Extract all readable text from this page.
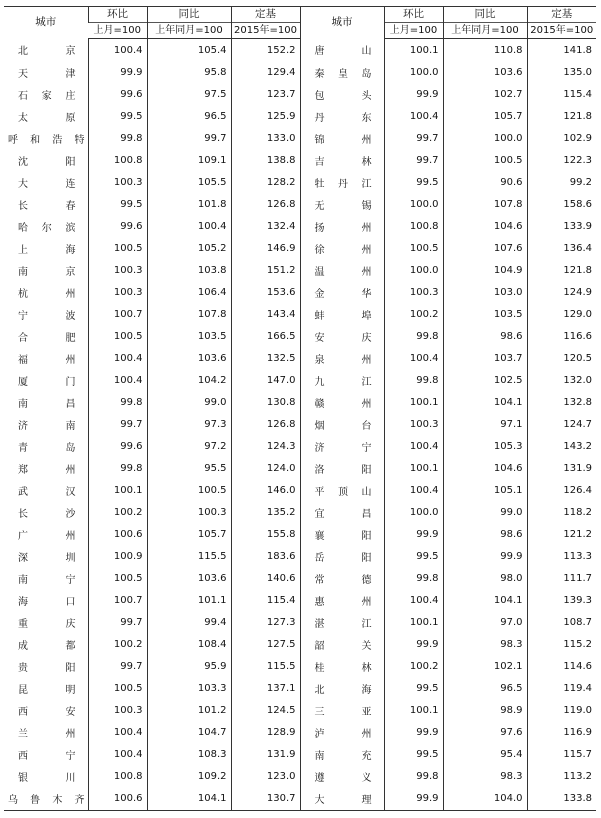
城市	环比	同比	定基	城市	环比	同比	定基
	上月=100	上年同月=100	2015年=100		上月=100	上年同月=100	2015年=100
北京	100.4	105.4	152.2	唐山	100.1	110.8	141.8
天津	99.9	95.8	129.4	秦皇岛	100.0	103.6	135.0
石家庄	99.6	97.5	123.7	包头	99.9	102.7	115.4
太原	99.5	96.5	125.9	丹东	100.4	105.7	121.8
呼和浩特	99.8	99.7	133.0	锦州	99.7	100.0	102.9
沈阳	100.8	109.1	138.8	吉林	99.7	100.5	122.3
大连	100.3	105.5	128.2	牡丹江	99.5	90.6	99.2
长春	99.5	101.8	126.8	无锡	100.0	107.8	158.6
哈尔滨	99.6	100.4	132.4	扬州	100.8	104.6	133.9
上海	100.5	105.2	146.9	徐州	100.5	107.6	136.4
南京	100.3	103.8	151.2	温州	100.0	104.9	121.8
杭州	100.3	106.4	153.6	金华	100.3	103.0	124.9
宁波	100.7	107.8	143.4	蚌埠	100.2	103.5	129.0
合肥	100.5	103.5	166.5	安庆	99.8	98.6	116.6
福州	100.4	103.6	132.5	泉州	100.4	103.7	120.5
厦门	100.4	104.2	147.0	九江	99.8	102.5	132.0
南昌	99.8	99.0	130.8	赣州	100.1	104.1	132.8
济南	99.7	97.3	126.8	烟台	100.3	97.1	124.7
青岛	99.6	97.2	124.3	济宁	100.4	105.3	143.2
郑州	99.8	95.5	124.0	洛阳	100.1	104.6	131.9
武汉	100.1	100.5	146.0	平顶山	100.4	105.1	126.4
长沙	100.2	100.3	135.2	宜昌	100.0	99.0	118.2
广州	100.6	105.7	155.8	襄阳	99.9	98.6	121.2
深圳	100.9	115.5	183.6	岳阳	99.5	99.9	113.3
南宁	100.5	103.6	140.6	常德	99.8	98.0	111.7
海口	100.7	101.1	115.4	惠州	100.4	104.1	139.3
重庆	99.7	99.4	127.3	湛江	100.1	97.0	108.7
成都	100.2	108.4	127.5	韶关	99.9	98.3	115.2
贵阳	99.7	95.9	115.5	桂林	100.2	102.1	114.6
昆明	100.5	103.3	137.1	北海	99.5	96.5	119.4
西安	100.3	101.2	124.5	三亚	100.1	98.9	119.0
兰州	100.4	104.7	128.9	泸州	99.9	97.6	116.9
西宁	100.4	108.3	131.9	南充	99.5	95.4	115.7
银川	100.8	109.2	123.0	遵义	99.8	98.3	113.2
乌鲁木齐	100.6	104.1	130.7	大理	99.9	104.0	133.8
